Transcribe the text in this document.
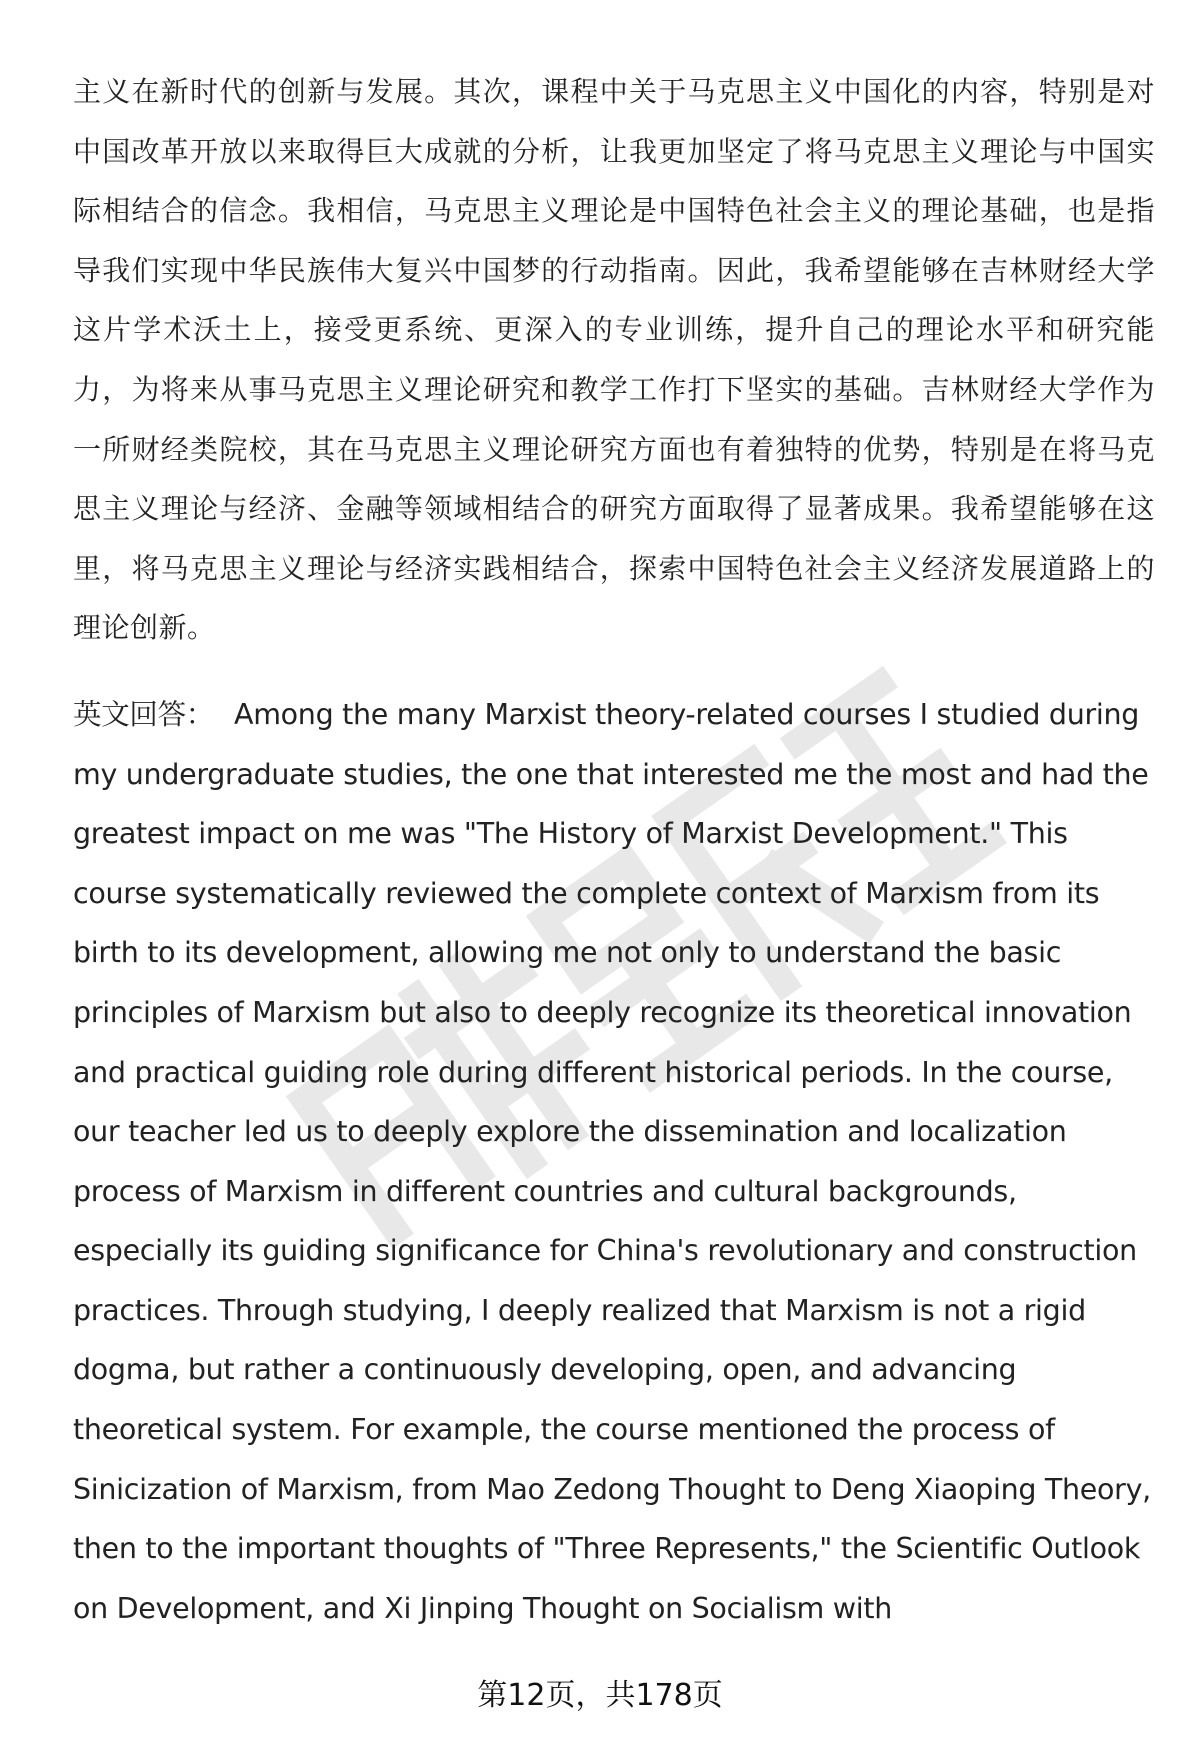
主义在新时代的创新与发展。其次，课程中关于马克思主义中国化的内容，特别是对中国改革开放以来取得巨大成就的分析，让我更加坚定了将马克思主义理论与中国实际相结合的信念。我相信，马克思主义理论是中国特色社会主义的理论基础，也是指导我们实现中华民族伟大复兴中国梦的行动指南。因此，我希望能够在吉林财经大学这片学术沃土上，接受更系统、更深入的专业训练，提升自己的理论水平和研究能力，为将来从事马克思主义理论研究和教学工作打下坚实的基础。吉林财经大学作为一所财经类院校，其在马克思主义理论研究方面也有着独特的优势，特别是在将马克思主义理论与经济、金融等领域相结合的研究方面取得了显著成果。我希望能够在这里，将马克思主义理论与经济实践相结合，探索中国特色社会主义经济发展道路上的理论创新。

英文回答： Among the many Marxist theory-related courses I studied during my undergraduate studies, the one that interested me the most and had the greatest impact on me was "The History of Marxist Development." This course systematically reviewed the complete context of Marxism from its birth to its development, allowing me not only to understand the basic principles of Marxism but also to deeply recognize its theoretical innovation and practical guiding role during different historical periods. In the course, our teacher led us to deeply explore the dissemination and localization process of Marxism in different countries and cultural backgrounds, especially its guiding significance for China's revolutionary and construction practices. Through studying, I deeply realized that Marxism is not a rigid dogma, but rather a continuously developing, open, and advancing theoretical system. For example, the course mentioned the process of Sinicization of Marxism, from Mao Zedong Thought to Deng Xiaoping Theory, then to the important thoughts of "Three Represents," the Scientific Outlook on Development, and Xi Jinping Thought on Socialism with

第12页，共178页
